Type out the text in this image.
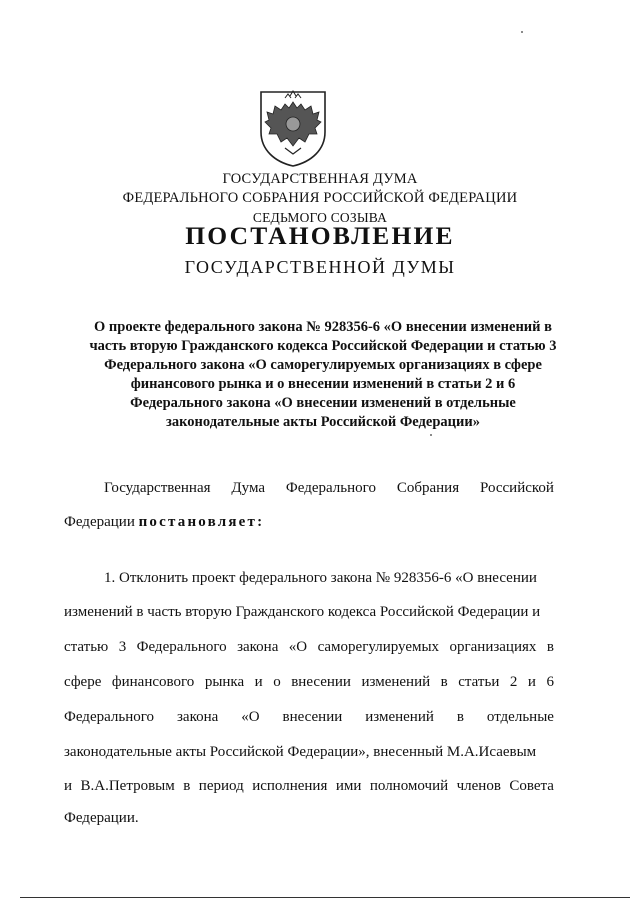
ГОСУДАРСТВЕННАЯ ДУМА
ФЕДЕРАЛЬНОГО СОБРАНИЯ РОССИЙСКОЙ ФЕДЕРАЦИИ
СЕДЬМОГО СОЗЫВА
ПОСТАНОВЛЕНИЕ
ГОСУДАРСТВЕННОЙ ДУМЫ
О проекте федерального закона № 928356-6 «О внесении изменений в
часть вторую Гражданского кодекса Российской Федерации и статью 3
Федерального закона «О саморегулируемых организациях в сфере
финансового рынка и о внесении изменений в статьи 2 и 6
Федерального закона «О внесении изменений в отдельные
законодательные акты Российской Федерации»
Государственная Дума Федерального Собрания Российской
Федерации постановляет:
1. Отклонить проект федерального закона № 928356-6 «О внесении
изменений в часть вторую Гражданского кодекса Российской Федерации и
статью 3 Федерального закона «О саморегулируемых организациях в
сфере финансового рынка и о внесении изменений в статьи 2 и 6
Федерального закона «О внесении изменений в отдельные
законодательные акты Российской Федерации», внесенный М.А.Исаевым
и В.А.Петровым в период исполнения ими полномочий членов Совета
Федерации.
